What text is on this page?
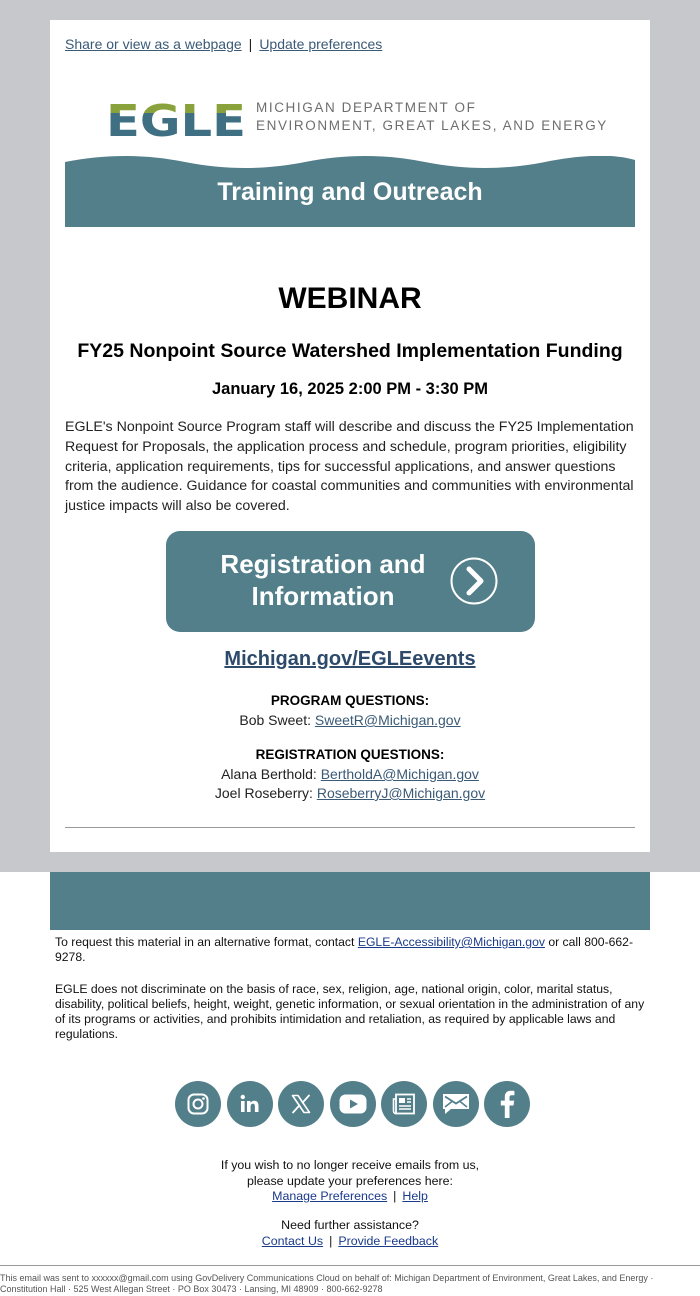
Share or view as a webpage | Update preferences
EGLE MICHIGAN DEPARTMENT OF
ENVIRONMENT, GREAT LAKES, AND ENERGY
Training and Outreach
WEBINAR
FY25 Nonpoint Source Watershed Implementation Funding
January 16, 2025 2:00 PM - 3:30 PM
EGLE's Nonpoint Source Program staff will describe and discuss the FY25 Implementation Request for Proposals, the application process and schedule, program priorities, eligibility criteria, application requirements, tips for successful applications, and answer questions from the audience. Guidance for coastal communities and communities with environmental justice impacts will also be covered.
Registration and
Information
Michigan.gov/EGLEevents
PROGRAM QUESTIONS:
Bob Sweet: SweetR@Michigan.gov
REGISTRATION QUESTIONS:
Alana Berthold: BertholdA@Michigan.gov
Joel Roseberry: RoseberryJ@Michigan.gov
To request this material in an alternative format, contact EGLE-Accessibility@Michigan.gov or call 800-662-9278.
EGLE does not discriminate on the basis of race, sex, religion, age, national origin, color, marital status, disability, political beliefs, height, weight, genetic information, or sexual orientation in the administration of any of its programs or activities, and prohibits intimidation and retaliation, as required by applicable laws and regulations.
If you wish to no longer receive emails from us,
please update your preferences here:
Manage Preferences | Help
Need further assistance?
Contact Us | Provide Feedback
This email was sent to xxxxxx@gmail.com using GovDelivery Communications Cloud on behalf of: Michigan Department of Environment, Great Lakes, and Energy · Constitution Hall · 525 West Allegan Street · PO Box 30473 · Lansing, MI 48909 · 800-662-9278
